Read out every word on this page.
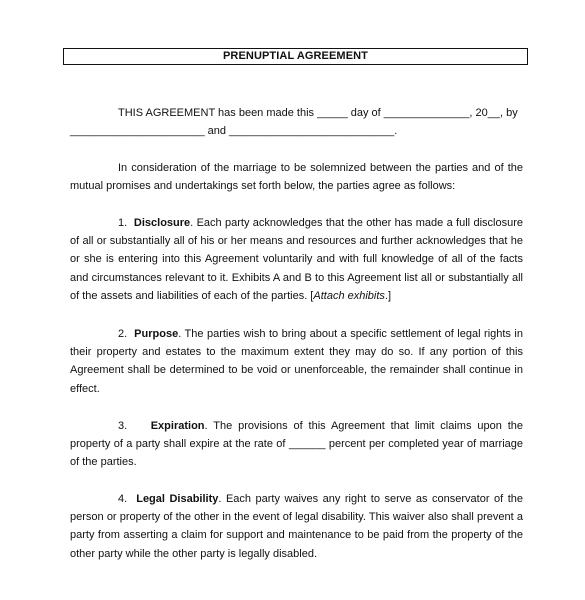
PRENUPTIAL AGREEMENT

THIS AGREEMENT has been made this _____ day of ______________, 20__, by

______________________ and ___________________________.

In consideration of the marriage to be solemnized between the parties and of the mutual promises and undertakings set forth below, the parties agree as follows:

1. Disclosure. Each party acknowledges that the other has made a full disclosure of all or substantially all of his or her means and resources and further acknowledges that he or she is entering into this Agreement voluntarily and with full knowledge of all of the facts and circumstances relevant to it. Exhibits A and B to this Agreement list all or substantially all of the assets and liabilities of each of the parties. [Attach exhibits.]

2. Purpose. The parties wish to bring about a specific settlement of legal rights in their property and estates to the maximum extent they may do so. If any portion of this Agreement shall be determined to be void or unenforceable, the remainder shall continue in effect.

3. Expiration. The provisions of this Agreement that limit claims upon the property of a party shall expire at the rate of ______ percent per completed year of marriage of the parties.

4. Legal Disability. Each party waives any right to serve as conservator of the person or property of the other in the event of legal disability. This waiver also shall prevent a party from asserting a claim for support and maintenance to be paid from the property of the other party while the other party is legally disabled.
